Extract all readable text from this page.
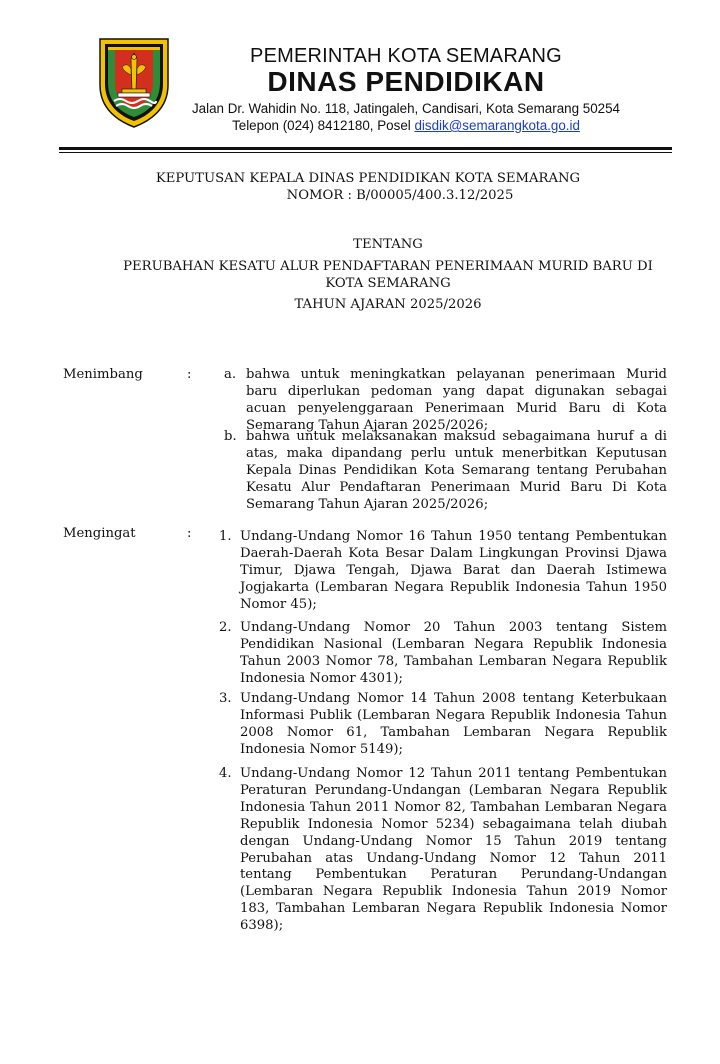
PEMERINTAH KOTA SEMARANG
DINAS PENDIDIKAN
Jalan Dr. Wahidin No. 118, Jatingaleh, Candisari, Kota Semarang 50254
Telepon (024) 8412180, Posel disdik@semarangkota.go.id
KEPUTUSAN KEPALA DINAS PENDIDIKAN KOTA SEMARANG
NOMOR : B/00005/400.3.12/2025
TENTANG
PERUBAHAN KESATU ALUR PENDAFTARAN PENERIMAAN MURID BARU DI
KOTA SEMARANG
TAHUN AJARAN 2025/2026
Menimbang	: a. bahwa untuk meningkatkan pelayanan penerimaan Murid baru diperlukan pedoman yang dapat digunakan sebagai acuan penyelenggaraan Penerimaan Murid Baru di Kota Semarang Tahun Ajaran 2025/2026;
b. bahwa untuk melaksanakan maksud sebagaimana huruf a di atas, maka dipandang perlu untuk menerbitkan Keputusan Kepala Dinas Pendidikan Kota Semarang tentang Perubahan Kesatu Alur Pendaftaran Penerimaan Murid Baru Di Kota Semarang Tahun Ajaran 2025/2026;
Mengingat	: 1. Undang-Undang Nomor 16 Tahun 1950 tentang Pembentukan Daerah-Daerah Kota Besar Dalam Lingkungan Provinsi Djawa Timur, Djawa Tengah, Djawa Barat dan Daerah Istimewa Jogjakarta (Lembaran Negara Republik Indonesia Tahun 1950 Nomor 45);
2. Undang-Undang Nomor 20 Tahun 2003 tentang Sistem Pendidikan Nasional (Lembaran Negara Republik Indonesia Tahun 2003 Nomor 78, Tambahan Lembaran Negara Republik Indonesia Nomor 4301);
3. Undang-Undang Nomor 14 Tahun 2008 tentang Keterbukaan Informasi Publik (Lembaran Negara Republik Indonesia Tahun 2008 Nomor 61, Tambahan Lembaran Negara Republik Indonesia Nomor 5149);
4. Undang-Undang Nomor 12 Tahun 2011 tentang Pembentukan Peraturan Perundang-Undangan (Lembaran Negara Republik Indonesia Tahun 2011 Nomor 82, Tambahan Lembaran Negara Republik Indonesia Nomor 5234) sebagaimana telah diubah dengan Undang-Undang Nomor 15 Tahun 2019 tentang Perubahan atas Undang-Undang Nomor 12 Tahun 2011 tentang Pembentukan Peraturan Perundang-Undangan (Lembaran Negara Republik Indonesia Tahun 2019 Nomor 183, Tambahan Lembaran Negara Republik Indonesia Nomor 6398);
